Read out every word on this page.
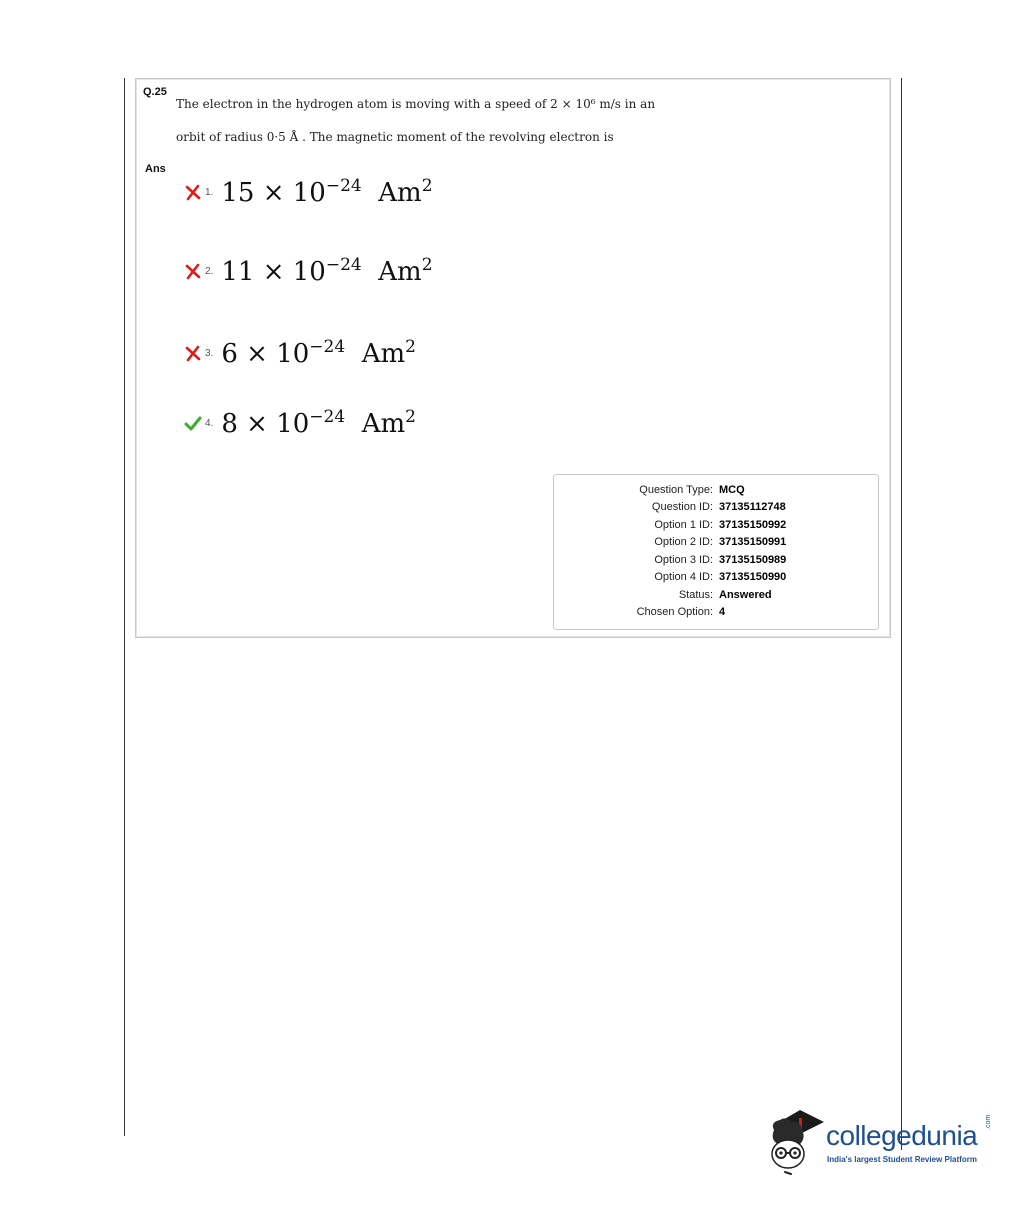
Q.25
The electron in the hydrogen atom is moving with a speed of 2 × 10⁶ m/s in an
orbit of radius 0·5 Å . The magnetic moment of the revolving electron is
Ans
1. $15 \times 10^{-24}$ Am$^2$
2. $11 \times 10^{-24}$ Am$^2$
3. $6 \times 10^{-24}$ Am$^2$
4. $8 \times 10^{-24}$ Am$^2$
Question Type : MCQ
Question ID : 37135112748
Option 1 ID : 37135150992
Option 2 ID : 37135150991
Option 3 ID : 37135150989
Option 4 ID : 37135150990
Status : Answered
Chosen Option : 4
collegedunia .com
India's largest Student Review Platform
